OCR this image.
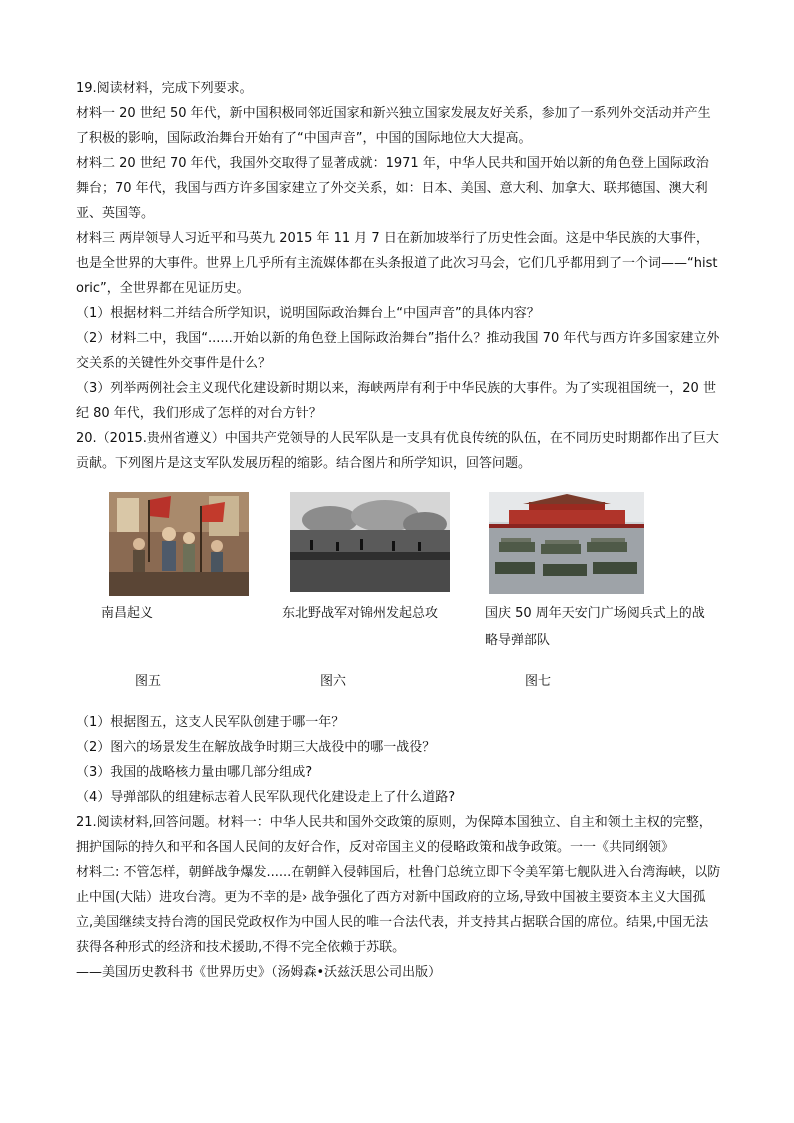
19.阅读材料，完成下列要求。

材料一 20 世纪 50 年代，新中国积极同邻近国家和新兴独立国家发展友好关系，参加了一系列外交活动并产生了积极的影响，国际政治舞台开始有了“中国声音”，中国的国际地位大大提高。

材料二 20 世纪 70 年代，我国外交取得了显著成就：1971 年，中华人民共和国开始以新的角色登上国际政治舞台；70 年代，我国与西方许多国家建立了外交关系，如：日本、美国、意大利、加拿大、联邦德国、澳大利亚、英国等。

材料三 两岸领导人习近平和马英九 2015 年 11 月 7 日在新加坡举行了历史性会面。这是中华民族的大事件，也是全世界的大事件。世界上几乎所有主流媒体都在头条报道了此次习马会，它们几乎都用到了一个词——“historic”，全世界都在见证历史。

（1）根据材料二并结合所学知识，说明国际政治舞台上“中国声音”的具体内容？

（2）材料二中，我国“......开始以新的角色登上国际政治舞台”指什么？推动我国 70 年代与西方许多国家建立外交关系的关键性外交事件是什么？

（3）列举两例社会主义现代化建设新时期以来，海峡两岸有利于中华民族的大事件。为了实现祖国统一，20 世纪 80 年代，我们形成了怎样的对台方针？

20.（2015.贵州省遵义）中国共产党领导的人民军队是一支具有优良传统的队伍，在不同历史时期都作出了巨大贡献。下列图片是这支军队发展历程的缩影。结合图片和所学知识，回答问题。

南昌起义
图五
东北野战军对锦州发起总攻
图六
国庆 50 周年天安门广场阅兵式上的战略导弹部队
图七

（1）根据图五，这支人民军队创建于哪一年？

（2）图六的场景发生在解放战争时期三大战役中的哪一战役？

（3）我国的战略核力量由哪几部分组成?

（4）导弹部队的组建标志着人民军队现代化建设走上了什么道路?

21.阅读材料,回答问题。材料一：中华人民共和国外交政策的原则，为保障本国独立、自主和领土主权的完整，拥护国际的持久和平和各国人民间的友好合作，反对帝国主义的侵略政策和战争政策。一一《共同纲领》

材料二: 不管怎样，朝鲜战争爆发......在朝鲜入侵韩国后，杜鲁门总统立即下令美军第七舰队进入台湾海峡，以防止中国(大陆）进攻台湾。更为不幸的是› 战争强化了西方对新中国政府的立场,导致中国被主要资本主义大国孤立,美国继续支持台湾的国民党政权作为中国人民的唯一合法代表，并支持其占据联合国的席位。结果,中国无法获得各种形式的经济和技术援助,不得不完全依赖于苏联。

——美国历史教科书《世界历史》（汤姆森•沃兹沃思公司出版）
